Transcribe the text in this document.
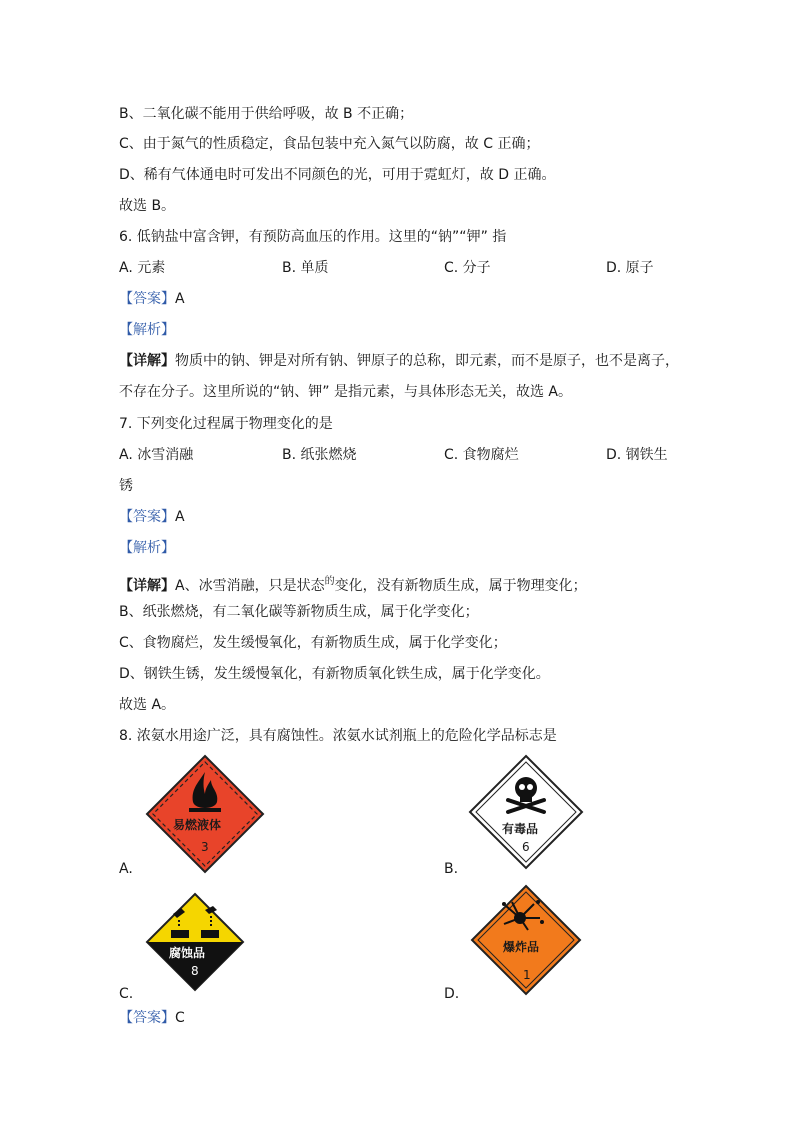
B、二氧化碳不能用于供给呼吸，故 B 不正确；
C、由于氮气的性质稳定，食品包装中充入氮气以防腐，故 C 正确；
D、稀有气体通电时可发出不同颜色的光，可用于霓虹灯，故 D 正确。
故选 B。
6. 低钠盐中富含钾，有预防高血压的作用。这里的“钠”“钾” 指
A. 元素	B. 单质	C. 分子	D. 原子
【答案】A
【解析】
【详解】物质中的钠、钾是对所有钠、钾原子的总称，即元素，而不是原子，也不是离子，
不存在分子。这里所说的“钠、钾” 是指元素，与具体形态无关，故选 A。
7. 下列变化过程属于物理变化的是
A. 冰雪消融	B. 纸张燃烧	C. 食物腐烂	D. 钢铁生
锈
【答案】A
【解析】
【详解】A、冰雪消融，只是状态$^的$变化，没有新物质生成，属于物理变化；
B、纸张燃烧，有二氧化碳等新物质生成，属于化学变化；
C、食物腐烂，发生缓慢氧化，有新物质生成，属于化学变化；
D、钢铁生锈，发生缓慢氧化，有新物质氧化铁生成，属于化学变化。
故选 A。
8. 浓氨水用途广泛，具有腐蚀性。浓氨水试剂瓶上的危险化学品标志是
易燃液体
3
A.
有毒品
6
B.
腐蚀品
8
C.
爆炸品
1
D.
【答案】C
